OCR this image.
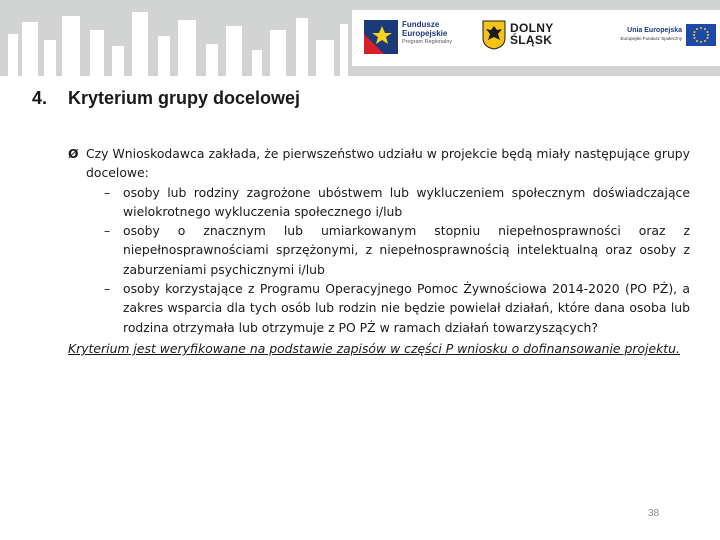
Fundusze
Europejskie
Program Regionalny
DOLNY
ŚLĄSK
Unia Europejska
Europejski Fundusz Społeczny
4. Kryterium grupy docelowej
Ø Czy Wnioskodawca zakłada, że pierwszeństwo udziału w projekcie będą miały następujące grupy docelowe:
– osoby lub rodziny zagrożone ubóstwem lub wykluczeniem społecznym doświadczające wielokrotnego wykluczenia społecznego i/lub
– osoby o znacznym lub umiarkowanym stopniu niepełnosprawności oraz z niepełnosprawnościami sprzężonymi, z niepełnosprawnością intelektualną oraz osoby z zaburzeniami psychicznymi i/lub
– osoby korzystające z Programu Operacyjnego Pomoc Żywnościowa 2014-2020 (PO PŻ), a zakres wsparcia dla tych osób lub rodzin nie będzie powielał działań, które dana osoba lub rodzina otrzymała lub otrzymuje z PO PŻ w ramach działań towarzyszących?
Kryterium jest weryfikowane na podstawie zapisów w części P wniosku o dofinansowanie projektu.
38
